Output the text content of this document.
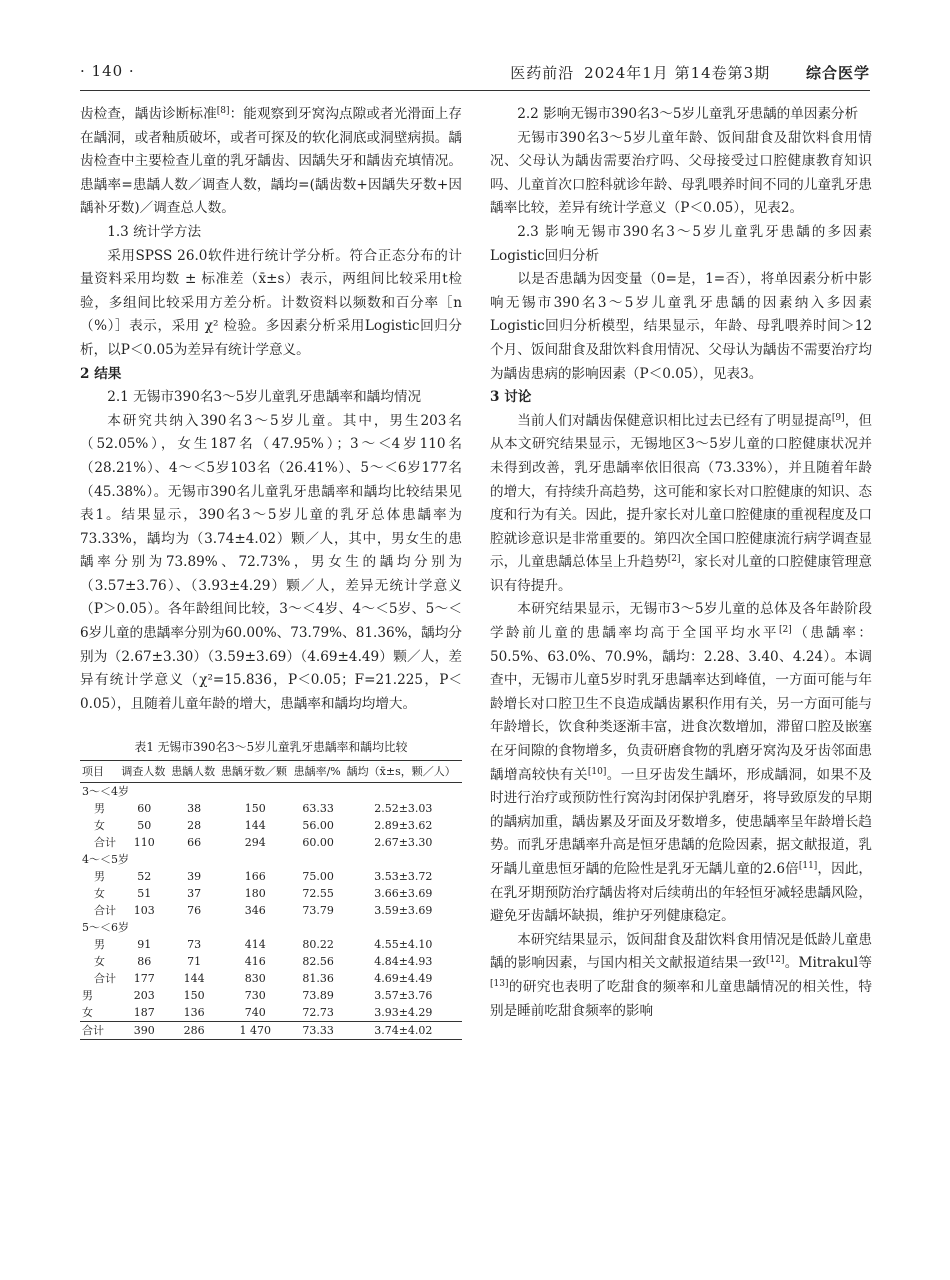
· 140 ·	医药前沿 2024年1月 第14卷第3期 综合医学

齿检查，龋齿诊断标准[8]：能观察到牙窝沟点隙或者光滑面上存在龋洞，或者釉质破坏，或者可探及的软化洞底或洞壁病损。龋齿检查中主要检查儿童的乳牙龋齿、因龋失牙和龋齿充填情况。患龋率=患龋人数／调查人数，龋均=(龋齿数+因龋失牙数+因龋补牙数)／调查总人数。

1.3 统计学方法

采用SPSS 26.0软件进行统计学分析。符合正态分布的计量资料采用均数 ± 标准差（x̄±s）表示，两组间比较采用t检验，多组间比较采用方差分析。计数资料以频数和百分率［n（%）］表示，采用 χ² 检验。多因素分析采用Logistic回归分析，以P＜0.05为差异有统计学意义。

2 结果

2.1 无锡市390名3～5岁儿童乳牙患龋率和龋均情况

本研究共纳入390名3～5岁儿童。其中，男生203名（52.05%），女生187名（47.95%）；3～＜4岁110名（28.21%）、4～＜5岁103名（26.41%）、5～＜6岁177名（45.38%）。无锡市390名儿童乳牙患龋率和龋均比较结果见表1。结果显示，390名3～5岁儿童的乳牙总体患龋率为73.33%，龋均为（3.74±4.02）颗／人，其中，男女生的患龋率分别为73.89%、72.73%，男女生的龋均分别为（3.57±3.76）、（3.93±4.29）颗／人，差异无统计学意义（P＞0.05）。各年龄组间比较，3～＜4岁、4～＜5岁、5～＜6岁儿童的患龋率分别为60.00%、73.79%、81.36%，龋均分别为（2.67±3.30）（3.59±3.69）（4.69±4.49）颗／人，差异有统计学意义（χ²=15.836，P＜0.05；F=21.225，P＜0.05），且随着儿童年龄的增大，患龋率和龋均均增大。

表1 无锡市390名3～5岁儿童乳牙患龋率和龋均比较
项目	调查人数	患龋人数	患龋牙数／颗	患龋率/%	龋均（x̄±s，颗／人）
3～＜4岁					
男	60	38	150	63.33	2.52±3.03
女	50	28	144	56.00	2.89±3.62
合计	110	66	294	60.00	2.67±3.30
4～＜5岁					
男	52	39	166	75.00	3.53±3.72
女	51	37	180	72.55	3.66±3.69
合计	103	76	346	73.79	3.59±3.69
5～＜6岁					
男	91	73	414	80.22	4.55±4.10
女	86	71	416	82.56	4.84±4.93
合计	177	144	830	81.36	4.69±4.49
男	203	150	730	73.89	3.57±3.76
女	187	136	740	72.73	3.93±4.29
合计	390	286	1 470	73.33	3.74±4.02

2.2 影响无锡市390名3～5岁儿童乳牙患龋的单因素分析

无锡市390名3～5岁儿童年龄、饭间甜食及甜饮料食用情况、父母认为龋齿需要治疗吗、父母接受过口腔健康教育知识吗、儿童首次口腔科就诊年龄、母乳喂养时间不同的儿童乳牙患龋率比较，差异有统计学意义（P＜0.05），见表2。

2.3 影响无锡市390名3～5岁儿童乳牙患龋的多因素Logistic回归分析

以是否患龋为因变量（0=是，1=否），将单因素分析中影响无锡市390名3～5岁儿童乳牙患龋的因素纳入多因素Logistic回归分析模型，结果显示，年龄、母乳喂养时间＞12个月、饭间甜食及甜饮料食用情况、父母认为龋齿不需要治疗均为龋齿患病的影响因素（P＜0.05），见表3。

3 讨论

当前人们对龋齿保健意识相比过去已经有了明显提高[9]，但从本文研究结果显示，无锡地区3～5岁儿童的口腔健康状况并未得到改善，乳牙患龋率依旧很高（73.33%），并且随着年龄的增大，有持续升高趋势，这可能和家长对口腔健康的知识、态度和行为有关。因此，提升家长对儿童口腔健康的重视程度及口腔就诊意识是非常重要的。第四次全国口腔健康流行病学调查显示，儿童患龋总体呈上升趋势[2]，家长对儿童的口腔健康管理意识有待提升。

本研究结果显示，无锡市3～5岁儿童的总体及各年龄阶段学龄前儿童的患龋率均高于全国平均水平[2]（患龋率：50.5%、63.0%、70.9%，龋均：2.28、3.40、4.24）。本调查中，无锡市儿童5岁时乳牙患龋率达到峰值，一方面可能与年龄增长对口腔卫生不良造成龋齿累积作用有关，另一方面可能与年龄增长，饮食种类逐渐丰富，进食次数增加，滞留口腔及嵌塞在牙间隙的食物增多，负责研磨食物的乳磨牙窝沟及牙齿邻面患龋增高较快有关[10]。一旦牙齿发生龋坏，形成龋洞，如果不及时进行治疗或预防性行窝沟封闭保护乳磨牙，将导致原发的早期的龋病加重，龋齿累及牙面及牙数增多，使患龋率呈年龄增长趋势。而乳牙患龋率升高是恒牙患龋的危险因素，据文献报道，乳牙龋儿童患恒牙龋的危险性是乳牙无龋儿童的2.6倍[11]，因此，在乳牙期预防治疗龋齿将对后续萌出的年轻恒牙减轻患龋风险，避免牙齿龋坏缺损，维护牙列健康稳定。

本研究结果显示，饭间甜食及甜饮料食用情况是低龄儿童患龋的影响因素，与国内相关文献报道结果一致[12]。Mitrakul等[13]的研究也表明了吃甜食的频率和儿童患龋情况的相关性，特别是睡前吃甜食频率的影响
